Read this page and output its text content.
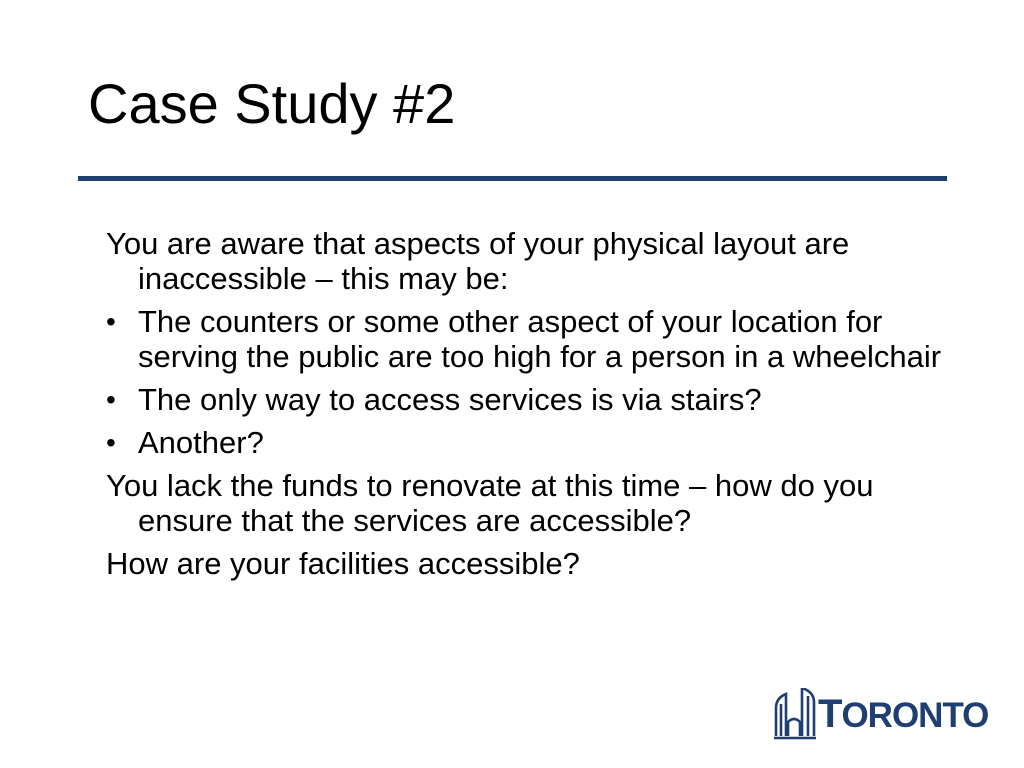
Case Study #2

You are aware that aspects of your physical layout are inaccessible – this may be:

• The counters or some other aspect of your location for serving the public are too high for a person in a wheelchair
• The only way to access services is via stairs?
• Another?

You lack the funds to renovate at this time – how do you ensure that the services are accessible?

How are your facilities accessible?

TORONTO
